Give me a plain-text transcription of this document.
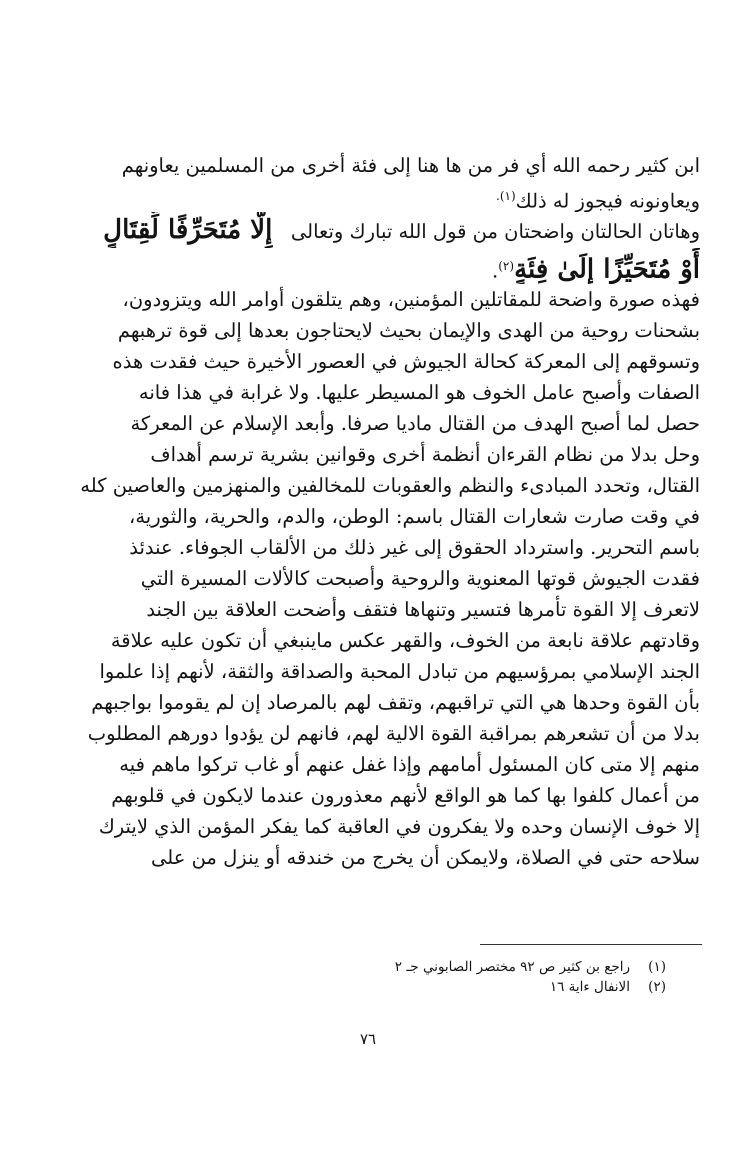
ابن كثير رحمه الله أي فر من ها هنا إلى فئة أخرى من المسلمين يعاونهم
ويعاونونه فيجوز له ذلك$^{(١).}$

وهاتان الحالتان واضحتان من قول الله تبارك وتعالى   إِلَّا مُتَحَرِّفًا لِّقِتَالٍ
أَوْ مُتَحَيِّزًا إِلَىٰ فِئَةٍ$^{(٢)}$.

فهذه صورة واضحة للمقاتلين المؤمنين، وهم يتلقون أوامر الله ويتزودون،
بشحنات روحية من الهدى والإيمان بحيث لايحتاجون بعدها إلى قوة ترهبهم
وتسوقهم إلى المعركة كحالة الجيوش في العصور الأخيرة حيث فقدت هذه
الصفات وأصبح عامل الخوف هو المسيطر عليها. ولا غرابة في هذا فانه
حصل لما أصبح الهدف من القتال ماديا صرفا. وأبعد الإسلام عن المعركة
وحل بدلا من نظام القرءان أنظمة أخرى وقوانين بشرية ترسم أهداف
القتال، وتحدد المبادىء والنظم والعقوبات للمخالفين والمنهزمين والعاصين كله
في وقت صارت شعارات القتال باسم: الوطن، والدم، والحرية، والثورية،
باسم التحرير. واسترداد الحقوق إلى غير ذلك من الألقاب الجوفاء. عندئذ
فقدت الجيوش قوتها المعنوية والروحية وأصبحت كالألات المسيرة التي
لاتعرف إلا القوة تأمرها فتسير وتنهاها فتقف وأضحت العلاقة بين الجند
وقادتهم علاقة نابعة من الخوف، والقهر عكس ماينبغي أن تكون عليه علاقة
الجند الإسلامي بمرؤسيهم من تبادل المحبة والصداقة والثقة، لأنهم إذا علموا
بأن القوة وحدها هي التي تراقبهم، وتقف لهم بالمرصاد إن لم يقوموا بواجبهم
بدلا من أن تشعرهم بمراقبة القوة الالية لهم، فانهم لن يؤدوا دورهم المطلوب
منهم إلا متى كان المسئول أمامهم وإذا غفل عنهم أو غاب تركوا ماهم فيه
من أعمال كلفوا بها كما هو الواقع لأنهم معذورون عندما لايكون في قلوبهم
إلا خوف الإنسان وحده ولا يفكرون في العاقبة كما يفكر المؤمن الذي لايترك
سلاحه حتى في الصلاة، ولايمكن أن يخرج من خندقه أو ينزل من على

(١)راجع بن كثير ص ٩٢ مختصر الصابوني جـ ٢
(٢)الانفال ءاية ١٦
٧٦
